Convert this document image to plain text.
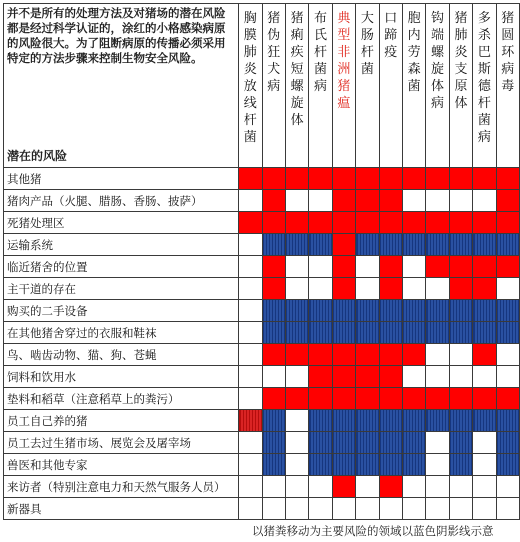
并不是所有的处理方法及对猪场的潜在风险都是经过科学认证的，涂红的小格感染病原的风险很大。为了阻断病原的传播必须采用特定的方法步骤来控制生物安全风险。
潜在的风险	胸膜肺炎放线杆菌	猪伪狂犬病	猪痢疾短螺旋体	布氏杆菌病	典型非洲猪瘟	大肠杆菌	口蹄疫	胞内劳森菌	钩端螺旋体病	猪肺炎支原体	多杀巴斯德杆菌病	猪圆环病毒
其他猪												
猪肉产品（火腿、腊肠、香肠、披萨）												
死猪处理区												
运输系统												
临近猪舍的位置												
主干道的存在												
购买的二手设备												
在其他猪舍穿过的衣服和鞋袜												
鸟、啮齿动物、猫、狗、苍蝇												
饲料和饮用水												
垫料和稻草（注意稻草上的粪污）												
员工自己养的猪												
员工去过生猪市场、展览会及屠宰场												
兽医和其他专家												
来访者（特别注意电力和天然气服务人员）												
新器具												
以猪粪移动为主要风险的领域以蓝色阴影线示意
